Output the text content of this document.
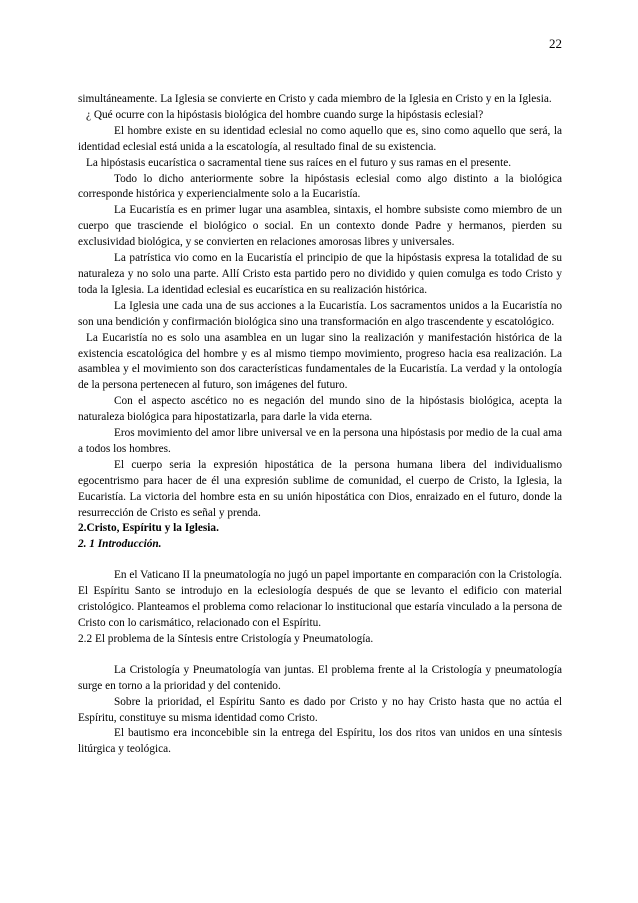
22

simultáneamente. La Iglesia se convierte en Cristo y cada miembro de la Iglesia en Cristo y en la Iglesia.

¿ Qué ocurre con la hipóstasis biológica del hombre cuando surge la hipóstasis eclesial?

El hombre existe en su identidad eclesial no como aquello que es, sino como aquello que será, la identidad eclesial está unida a la escatología, al resultado final de su existencia.

La hipóstasis eucarística o sacramental tiene sus raíces en el futuro y sus ramas en el presente.

Todo lo dicho anteriormente sobre la hipóstasis eclesial como algo distinto a la biológica corresponde histórica y experiencialmente solo a la Eucaristía.

La Eucaristía es en primer lugar una asamblea, sintaxis, el hombre subsiste como miembro de un cuerpo que trasciende el biológico o social. En un contexto donde Padre y hermanos, pierden su exclusividad biológica, y se convierten en relaciones amorosas libres y universales.

La patrística vio como en la Eucaristía el principio de que la hipóstasis expresa la totalidad de su naturaleza y no solo una parte. Allí Cristo esta partido pero no dividido y quien comulga es todo Cristo y toda la Iglesia. La identidad eclesial es eucarística en su realización histórica.

La Iglesia une cada una de sus acciones a la Eucaristía. Los sacramentos unidos a la Eucaristía no son una bendición y confirmación biológica sino una transformación en algo trascendente y escatológico.

La Eucaristía no es solo una asamblea en un lugar sino la realización y manifestación histórica de la existencia escatológica del hombre y es al mismo tiempo movimiento, progreso hacia esa realización. La asamblea y el movimiento son dos características fundamentales de la Eucaristía. La verdad y la ontología de la persona pertenecen al futuro, son imágenes del futuro.

Con el aspecto ascético no es negación del mundo sino de la hipóstasis biológica, acepta la naturaleza biológica para hipostatizarla, para darle la vida eterna.

Eros movimiento del amor libre universal ve en la persona una hipóstasis por medio de la cual ama a todos los hombres.

El cuerpo seria la expresión hipostática de la persona humana libera del individualismo egocentrismo para hacer de él una expresión sublime de comunidad, el cuerpo de Cristo, la Iglesia, la Eucaristía. La victoria del hombre esta en su unión hipostática con Dios, enraizado en el futuro, donde la resurrección de Cristo es señal y prenda.

2.Cristo, Espíritu y la Iglesia.

2. 1 Introducción.

En el Vaticano II la pneumatología no jugó un papel importante en comparación con la Cristología. El Espíritu Santo se introdujo en la eclesiología después de que se levanto el edificio con material cristológico. Planteamos el problema como relacionar lo institucional que estaría vinculado a la persona de Cristo con lo carismático, relacionado con el Espíritu.

2.2 El problema de la Síntesis entre Cristología y Pneumatología.

La Cristología y Pneumatología van juntas. El problema frente al la Cristología y pneumatología surge en torno a la prioridad y del contenido.

Sobre la prioridad, el Espíritu Santo es dado por Cristo y no hay Cristo hasta que no actúa el Espíritu, constituye su misma identidad como Cristo.

El bautismo era inconcebible sin la entrega del Espíritu, los dos ritos van unidos en una síntesis litúrgica y teológica.
